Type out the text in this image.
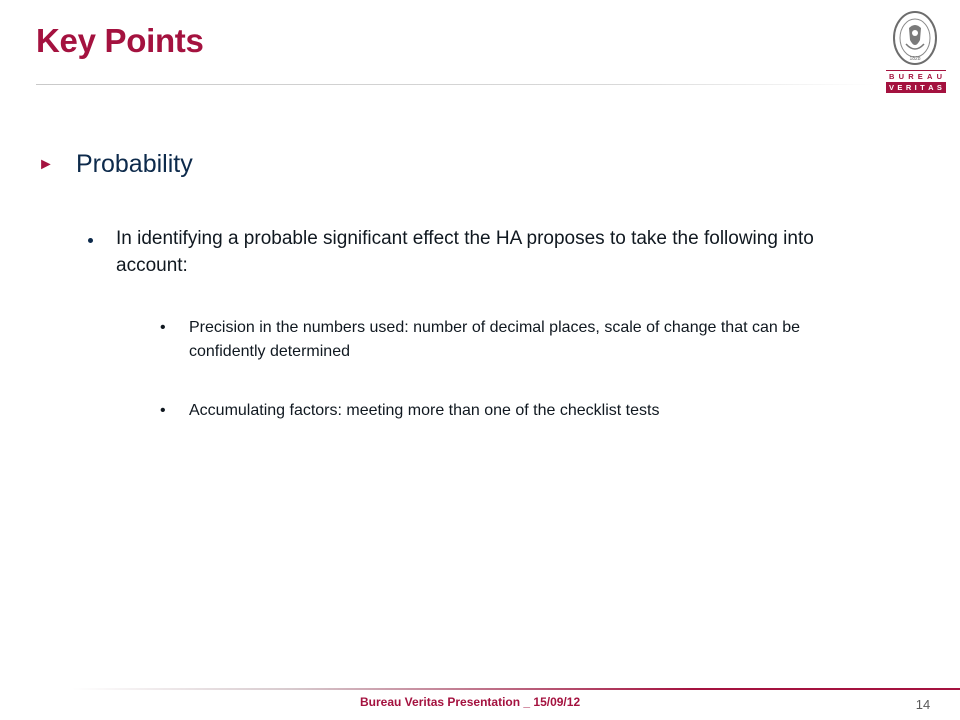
Key Points	1828
B U R E A U
V E R I T A S
► Probability
In identifying a probable significant effect the HA proposes to take the following into account:
•	Precision in the numbers used: number of decimal places, scale of change that can be confidently determined
•	Accumulating factors: meeting more than one of the checklist tests
Bureau Veritas Presentation _ 15/09/12	14
